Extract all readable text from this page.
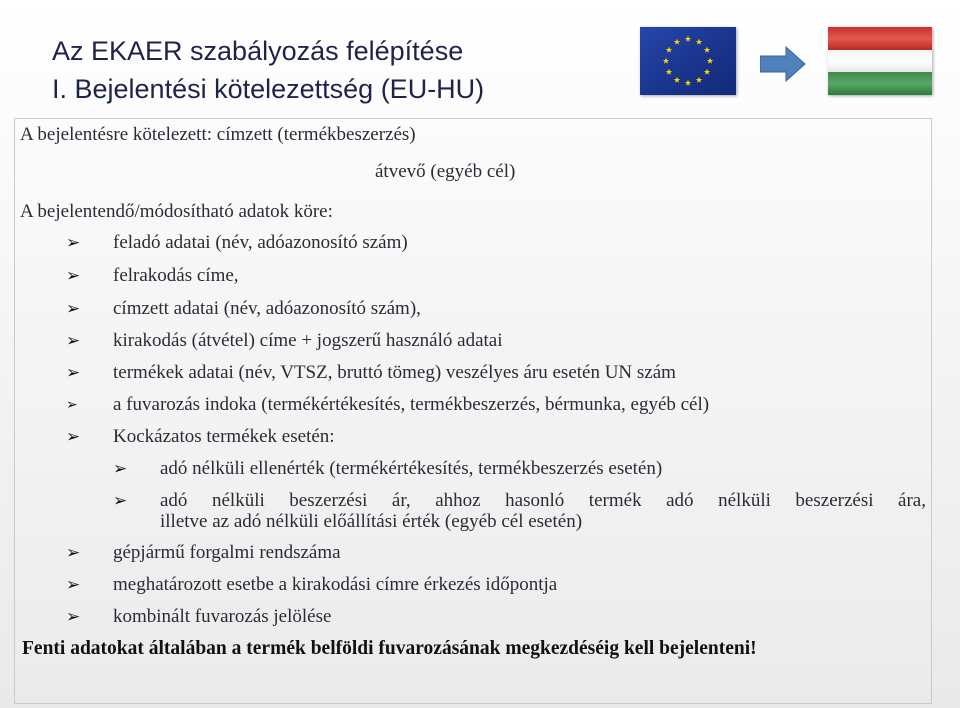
Az EKAER szabályozás felépítése
I. Bejelentési kötelezettség (EU-HU)
A bejelentésre kötelezett: címzett (termékbeszerzés)
átvevő (egyéb cél)
A bejelentendő/módosítható adatok köre:
➢ feladó adatai (név, adóazonosító szám)
➢ felrakodás címe,
➢ címzett adatai (név, adóazonosító szám),
➢ kirakodás (átvétel) címe + jogszerű használó adatai
➢ termékek adatai (név, VTSZ, bruttó tömeg) veszélyes áru esetén UN szám
➢ a fuvarozás indoka (termékértékesítés, termékbeszerzés, bérmunka, egyéb cél)
➢ Kockázatos termékek esetén:
➢ adó nélküli ellenérték (termékértékesítés, termékbeszerzés esetén)
➢ adó nélküli beszerzési ár, ahhoz hasonló termék adó nélküli beszerzési ára,
illetve az adó nélküli előállítási érték (egyéb cél esetén)
➢ gépjármű forgalmi rendszáma
➢ meghatározott esetbe a kirakodási címre érkezés időpontja
➢ kombinált fuvarozás jelölése
Fenti adatokat általában a termék belföldi fuvarozásának megkezdéséig kell bejelenteni!
